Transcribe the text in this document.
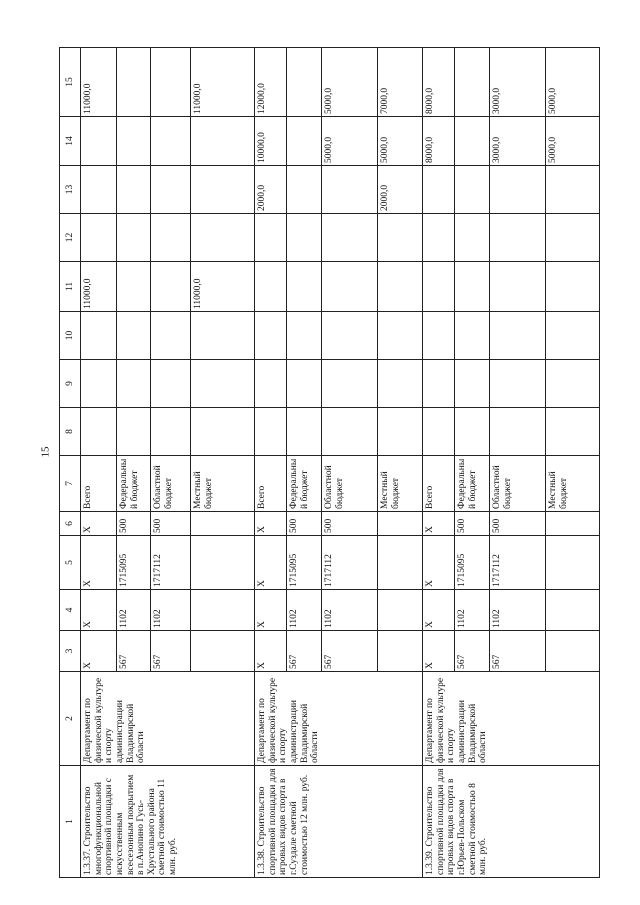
15
1	2	3	4	5	6	7	8	9	10	11	12	13	14	15
1.3.37. Строительство многофункциональной спортивной площадки с искусственным всесезонным покрытием в п.Анопино Гусь-Хрустального района сметной стоимостью 11 млн. руб.	Департамент по физической культуре и спорту администрации Владимирской области	X	X	X	X	Всего				11000,0				11000,0
		567	1102	1715095	500	Федеральный бюджет								
		567	1102	1717112	500	Областной бюджет								
						Местный бюджет				11000,0				11000,0
1.3.38. Строительство спортивной площадки для игровых видов спорта в г.Суздале сметной стоимостью 12 млн. руб.	Департамент по физической культуре и спорту администрации Владимирской области	X	X	X	X	Всего						2000,0	10000,0	12000,0
		567	1102	1715095	500	Федеральный бюджет								
		567	1102	1717112	500	Областной бюджет							5000,0	5000,0
						Местный бюджет						2000,0	5000,0	7000,0
1.3.39. Строительство спортивной площадки для игровых видов спорта в г.Юрьев-Польском сметной стоимостью 8 млн. руб.	Департамент по физической культуре и спорту администрации Владимирской области	X	X	X	X	Всего							8000,0	8000,0
		567	1102	1715095	500	Федеральный бюджет								
		567	1102	1717112	500	Областной бюджет							3000,0	3000,0
						Местный бюджет							5000,0	5000,0
